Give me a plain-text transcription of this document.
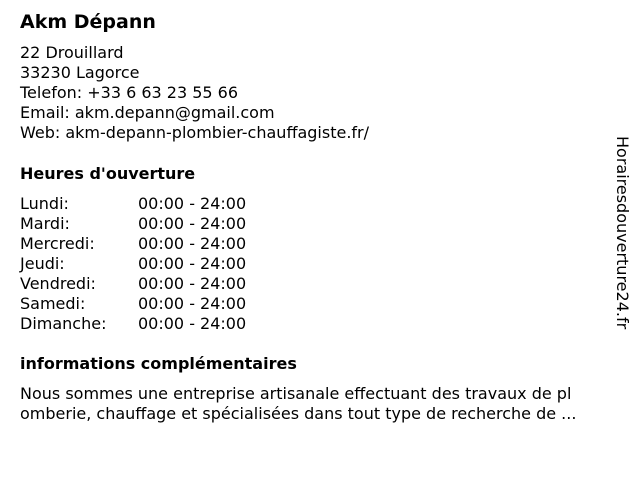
Akm Dépann
22 Drouillard
33230 Lagorce
Telefon: +33 6 63 23 55 66
Email: akm.depann@gmail.com
Web: akm-depann-plombier-chauffagiste.fr/
Heures d'ouverture
Lundi:	00:00 - 24:00
Mardi:	00:00 - 24:00
Mercredi:	00:00 - 24:00
Jeudi:	00:00 - 24:00
Vendredi:	00:00 - 24:00
Samedi:	00:00 - 24:00
Dimanche: 00:00 - 24:00
informations complémentaires
Nous sommes une entreprise artisanale effectuant des travaux de pl
omberie, chauffage et spécialisées dans tout type de recherche de ...
Horairesdouverture24.fr
